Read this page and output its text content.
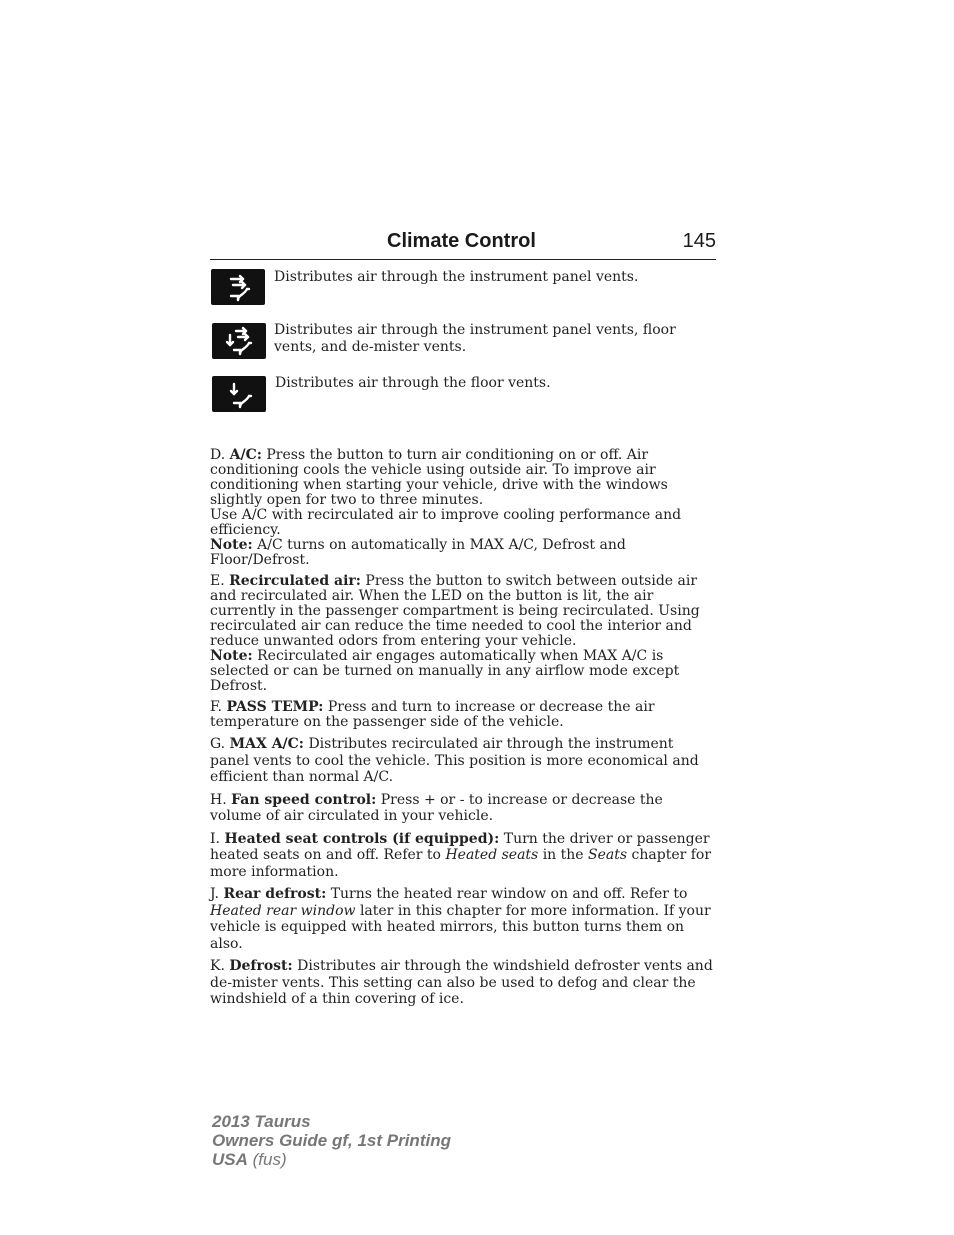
Climate Control	145
Distributes air through the instrument panel vents.
Distributes air through the instrument panel vents, floor vents, and de-mister vents.
Distributes air through the floor vents.
D. A/C: Press the button to turn air conditioning on or off. Air conditioning cools the vehicle using outside air. To improve air conditioning when starting your vehicle, drive with the windows slightly open for two to three minutes.
Use A/C with recirculated air to improve cooling performance and efficiency.
Note: A/C turns on automatically in MAX A/C, Defrost and Floor/Defrost.
E. Recirculated air: Press the button to switch between outside air and recirculated air. When the LED on the button is lit, the air currently in the passenger compartment is being recirculated. Using recirculated air can reduce the time needed to cool the interior and reduce unwanted odors from entering your vehicle.
Note: Recirculated air engages automatically when MAX A/C is selected or can be turned on manually in any airflow mode except Defrost.
F. PASS TEMP: Press and turn to increase or decrease the air temperature on the passenger side of the vehicle.
G. MAX A/C: Distributes recirculated air through the instrument panel vents to cool the vehicle. This position is more economical and efficient than normal A/C.
H. Fan speed control: Press + or - to increase or decrease the volume of air circulated in your vehicle.
I. Heated seat controls (if equipped): Turn the driver or passenger heated seats on and off. Refer to Heated seats in the Seats chapter for more information.
J. Rear defrost: Turns the heated rear window on and off. Refer to Heated rear window later in this chapter for more information. If your vehicle is equipped with heated mirrors, this button turns them on also.
K. Defrost: Distributes air through the windshield defroster vents and de-mister vents. This setting can also be used to defog and clear the windshield of a thin covering of ice.
2013 Taurus
Owners Guide gf, 1st Printing
USA (fus)
